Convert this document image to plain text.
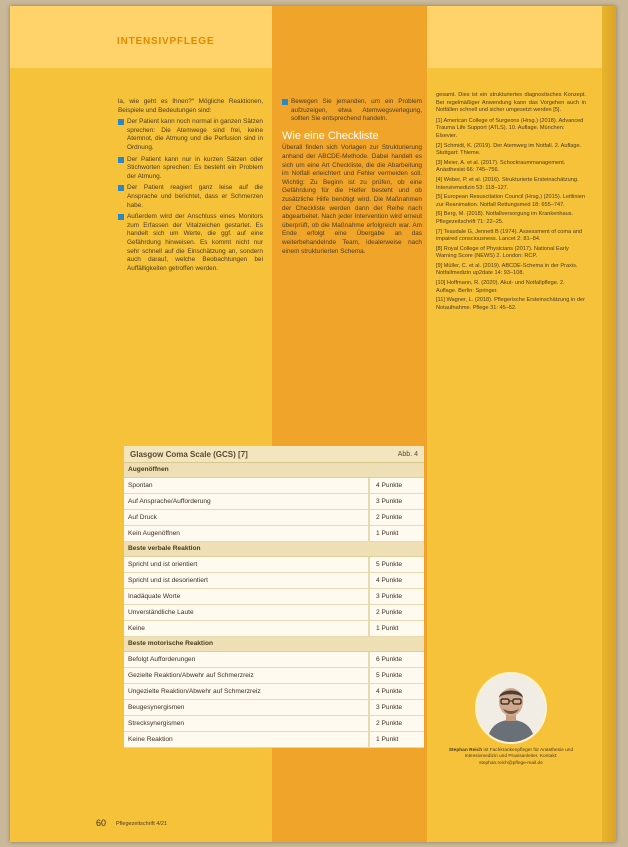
INTENSIVPFLEGE

la, wie geht es Ihnen?“ Mögliche Reaktionen, Beispiele und Bedeutungen sind:

Der Patient kann noch normal in ganzen Sätzen sprechen: Die Atemwege sind frei, keine Atemnot, die Atmung und die Perfusion sind in Ordnung.
Der Patient kann nur in kurzen Sätzen oder Stichworten sprechen: Es besteht ein Problem der Atmung.
Der Patient reagiert ganz leise auf die Ansprache und berichtet, dass er Schmerzen habe.
Außerdem wird der Anschluss eines Monitors zum Erfassen der Vitalzeichen gestartet. Es handelt sich um Werte, die ggf. auf eine Gefährdung hinweisen. Es kommt nicht nur sehr schnell auf die Einschätzung an, sondern auch darauf, welche Beobachtungen bei Auffälligkeiten getroffen werden.
Bewegen Sie jemanden, um ein Problem aufzuzeigen, etwa Atemwegsverlegung, sollten Sie entsprechend handeln.
Wie eine Checkliste

Überall finden sich Vorlagen zur Strukturierung anhand der ABCDE-Methode. Dabei handelt es sich um eine Art Checkliste, die die Abarbeitung im Notfall erleichtert und Fehler vermeiden soll. Wichtig: Zu Beginn ist zu prüfen, ob eine Gefährdung für die Helfer besteht und ob zusätzliche Hilfe benötigt wird. Die Maßnahmen der Checkliste werden dann der Reihe nach abgearbeitet. Nach jeder Intervention wird erneut überprüft, ob die Maßnahme erfolgreich war. Am Ende erfolgt eine Übergabe an das weiterbehandelnde Team, idealerweise nach einem strukturierten Schema.

gesamt. Dies ist ein strukturiertes diagnostisches Konzept. Bei regelmäßiger Anwendung kann das Vorgehen auch in Notfällen schnell und sicher umgesetzt werden [5].

[1] American College of Surgeons (Hrsg.) (2018). Advanced Trauma Life Support (ATLS). 10. Auflage. München: Elsevier.

[2] Schmidt, K. (2019). Der Atemweg im Notfall. 2. Auflage. Stuttgart: Thieme.

[3] Meier, A. et al. (2017). Schockraummanagement. Anästhesist 66: 745–756.

[4] Weber, P. et al. (2016). Strukturierte Ersteinschätzung. Intensivmedizin 53: 118–127.

[5] European Resuscitation Council (Hrsg.) (2015). Leitlinien zur Reanimation. Notfall Rettungsmed 18: 655–747.

[6] Berg, M. (2018). Notfallversorgung im Krankenhaus. Pflegezeitschrift 71: 22–25.

[7] Teasdale G, Jennett B (1974). Assessment of coma and impaired consciousness. Lancet 2: 81–84.

[8] Royal College of Physicians (2017). National Early Warning Score (NEWS) 2. London: RCP.

[9] Müller, C. et al. (2019). ABCDE-Schema in der Praxis. Notfallmedizin up2date 14: 93–108.

[10] Hoffmann, R. (2020). Akut- und Notfallpflege. 2. Auflage. Berlin: Springer.

[11] Wagner, L. (2018). Pflegerische Ersteinschätzung in der Notaufnahme. Pflege 31: 45–52.

Glasgow Coma Scale (GCS) [7]	Abb. 4
Augenöffnen
Spontan	4 Punkte
Auf Ansprache/Aufforderung	3 Punkte
Auf Druck	2 Punkte
Kein Augenöffnen	1 Punkt
Beste verbale Reaktion
Spricht und ist orientiert	5 Punkte
Spricht und ist desorientiert	4 Punkte
Inadäquate Worte	3 Punkte
Unverständliche Laute	2 Punkte
Keine	1 Punkt
Beste motorische Reaktion
Befolgt Aufforderungen	6 Punkte
Gezielte Reaktion/Abwehr auf Schmerzreiz	5 Punkte
Ungezielte Reaktion/Abwehr auf Schmerzreiz	4 Punkte
Beugesynergismen	3 Punkte
Strecksynergismen	2 Punkte
Keine Reaktion	1 Punkt
Stephan Reich ist Fachkrankenpfleger für Anästhesie und Intensivmedizin und Praxisanleiter. Kontakt: stephan.reich@pflege-mail.de
60 Pflegezeitschrift 4/21
